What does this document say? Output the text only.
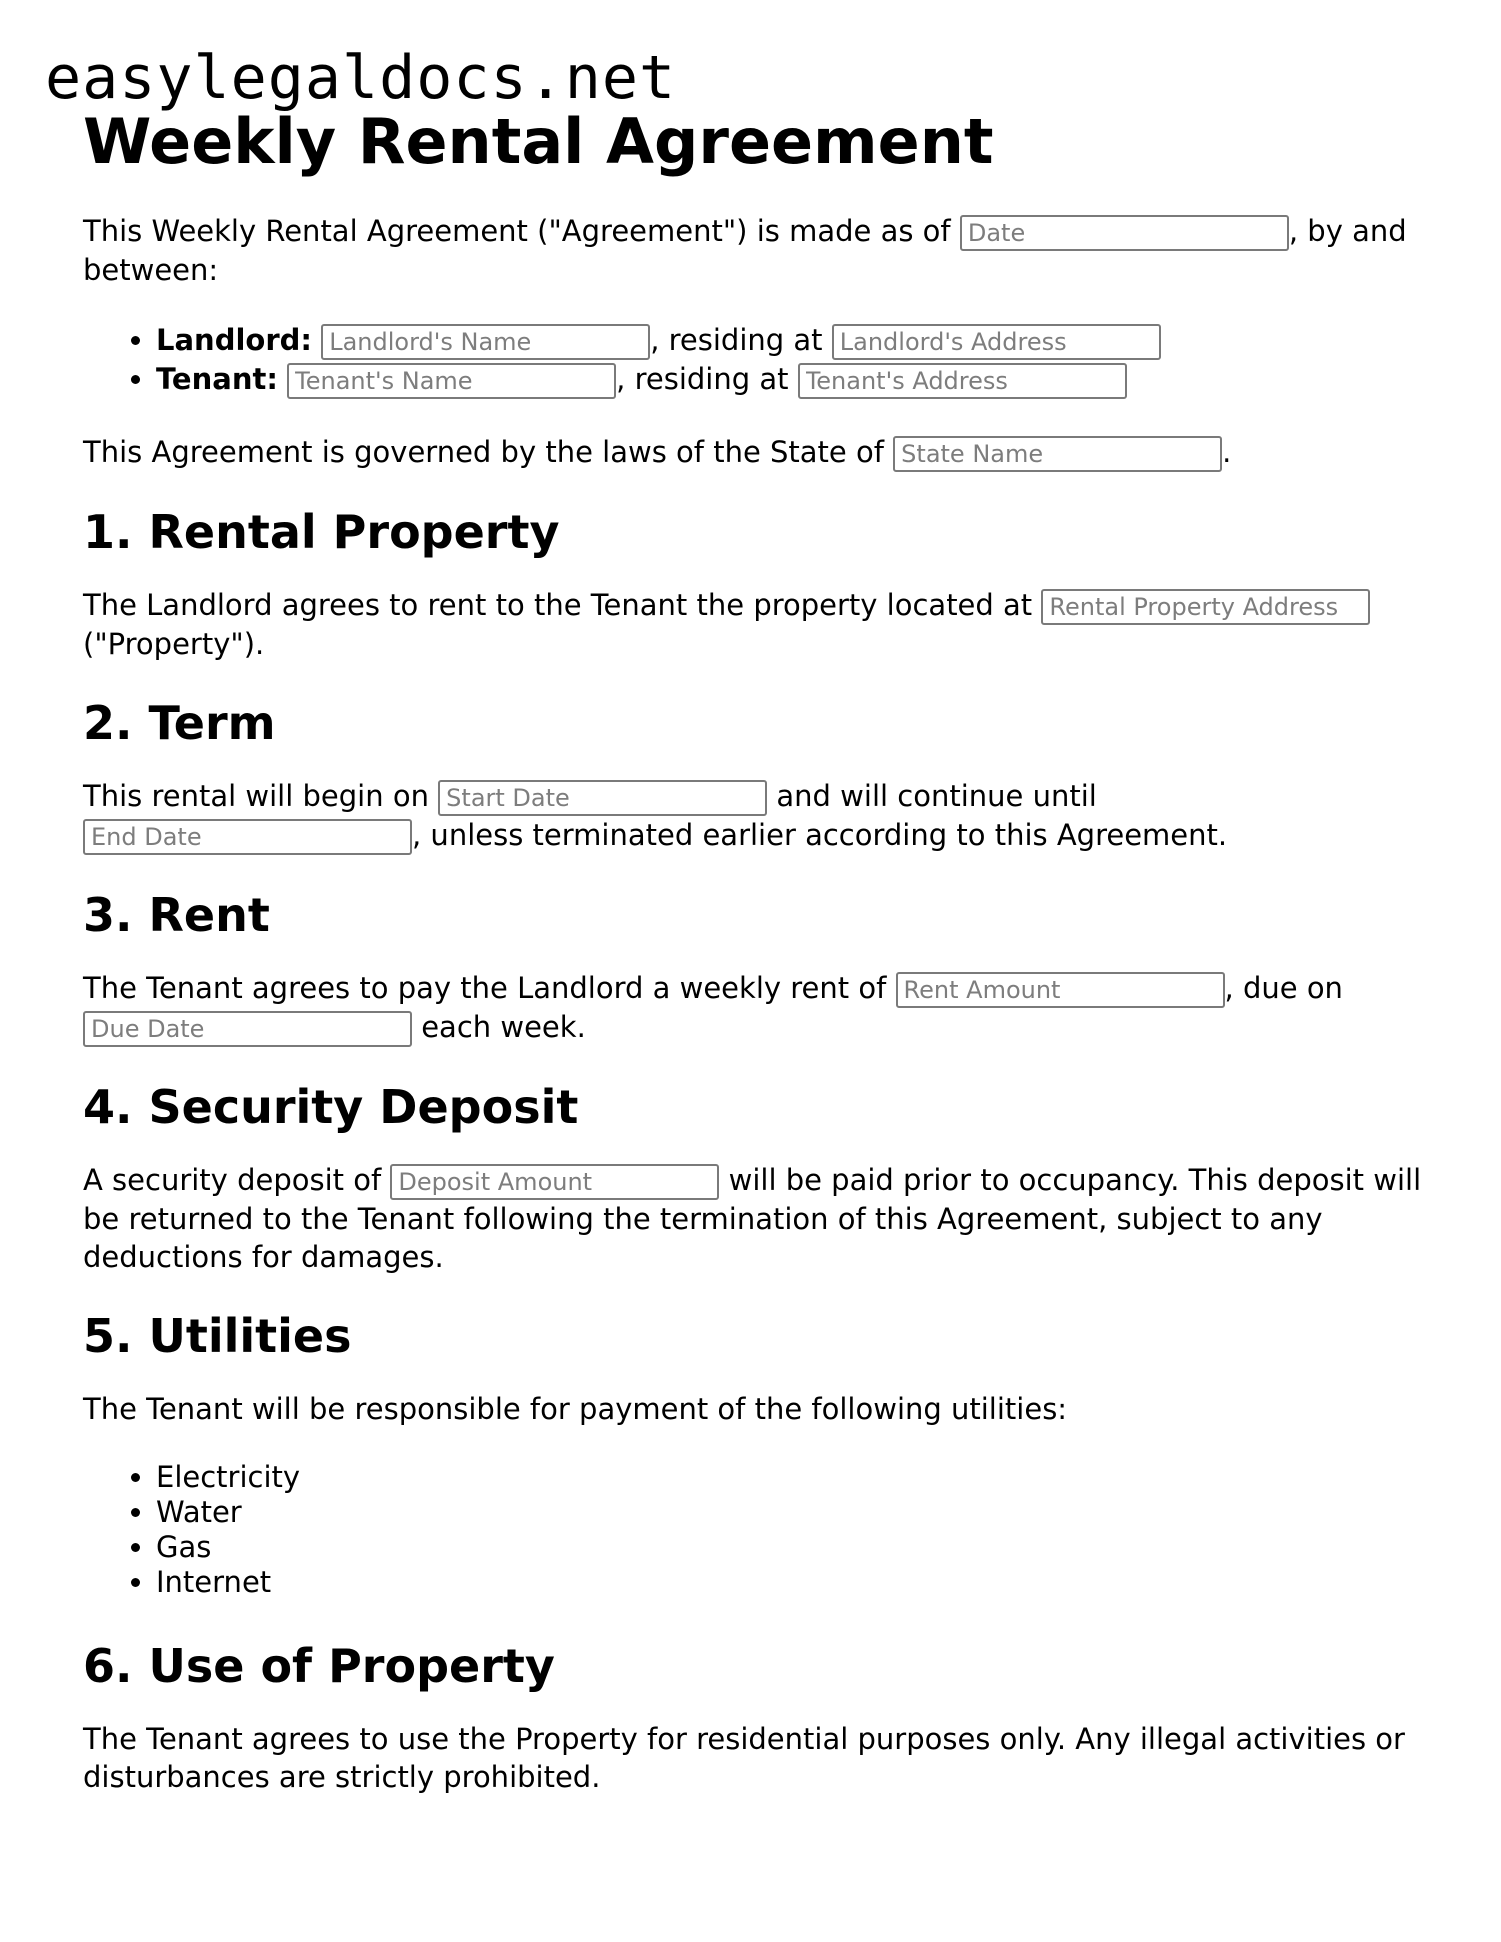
easylegaldocs.net
Weekly Rental Agreement

This Weekly Rental Agreement ("Agreement") is made as of Date	, by and between:

• Landlord: Landlord's Name	, residing at Landlord's Address
• Tenant: Tenant's Name	, residing at Tenant's Address

This Agreement is governed by the laws of the State of State Name	.

1. Rental Property

The Landlord agrees to rent to the Tenant the property located at Rental Property Address ("Property").

2. Term

This rental will begin on Start Date	and will continue until End Date, unless terminated earlier according to this Agreement.

3. Rent

The Tenant agrees to pay the Landlord a weekly rent of Rent Amount	, due on Due Date each week.

4. Security Deposit

A security deposit of Deposit Amount	will be paid prior to occupancy. This deposit will be returned to the Tenant following the termination of this Agreement, subject to any deductions for damages.

5. Utilities

The Tenant will be responsible for payment of the following utilities:

• Electricity
• Water
• Gas
• Internet
6. Use of Property

The Tenant agrees to use the Property for residential purposes only. Any illegal activities or disturbances are strictly prohibited.
